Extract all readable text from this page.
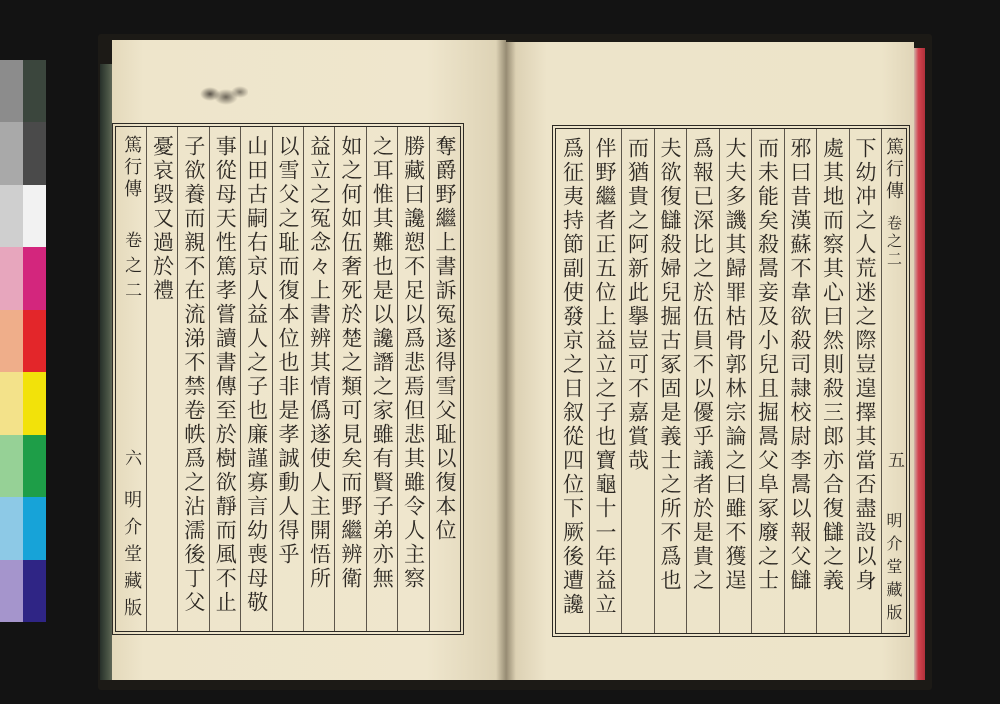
奪爵野繼上書訴冤遂得雪父耻以復本位
勝藏曰讒愬不足以爲悲焉但悲其雖令人主察
之耳惟其難也是以讒譖之家雖有賢子弟亦無
如之何如伍奢死於楚之類可見矣而野繼辨衛
益立之冤念々上書辨其情僞遂使人主開悟所
以雪父之耻而復本位也非是孝誠動人得乎
山田古嗣右京人益人之子也廉謹寡言幼喪母敬
事從母天性篤孝嘗讀書傳至於樹欲靜而風不止
子欲養而親不在流涕不禁卷帙爲之沾濡後丁父
憂哀毀又過於禮
篤行傳
卷之二
六
明介堂藏版
篤行傳
卷之二
五
明介堂藏版
下幼冲之人荒迷之際豈遑擇其當否盡設以身
處其地而察其心曰然則殺三郎亦合復讎之義
邪曰昔漢蘇不韋欲殺司隷校尉李暠以報父讎
而未能矣殺暠妾及小兒且掘暠父阜冢廢之士
大夫多譏其歸罪枯骨郭林宗論之曰雖不獲逞
爲報已深比之於伍員不以優乎議者於是貴之
夫欲復讎殺婦兒掘古冢固是義士之所不爲也
而猶貴之阿新此擧豈可不嘉賞哉
伴野繼者正五位上益立之子也寶龜十一年益立
爲征夷持節副使發京之日叙從四位下厥後遭讒
